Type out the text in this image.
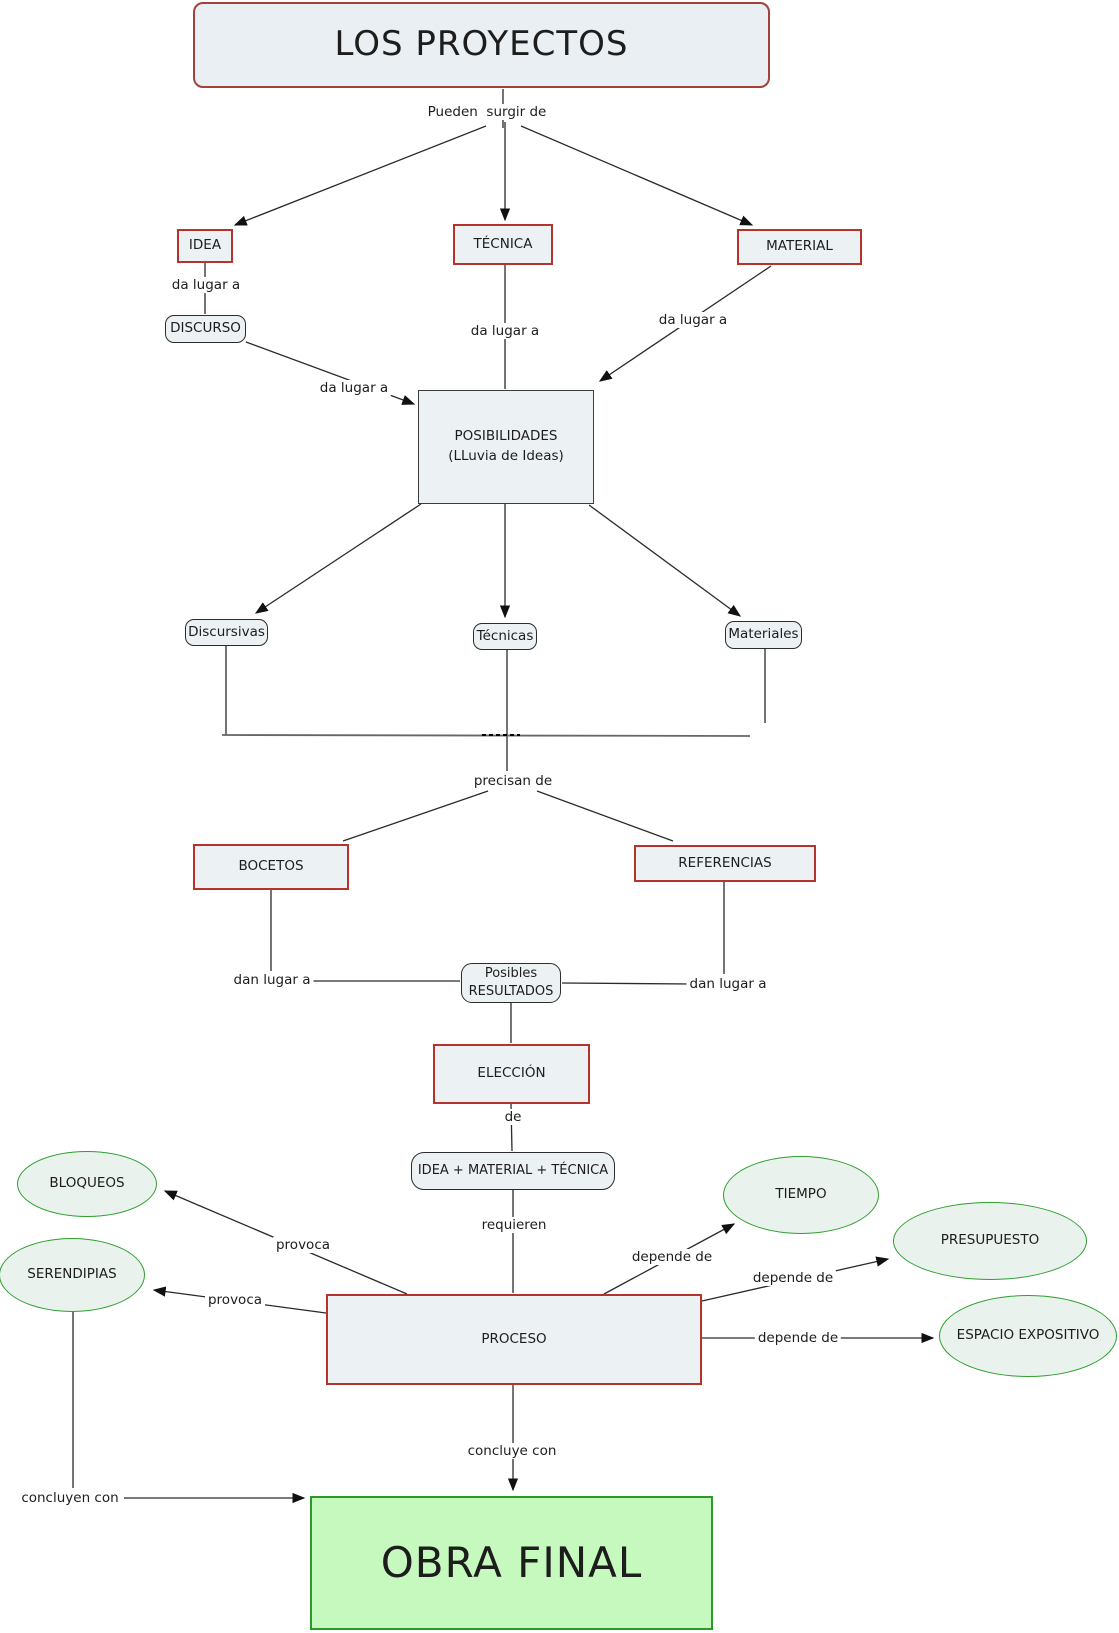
LOS PROYECTOS
IDEA	TÉCNICA	MATERIAL
DISCURSO
POSIBILIDADES
(LLuvia de Ideas)
Discursivas	Técnicas	Materiales
BOCETOS	REFERENCIAS
Posibles
RESULTADOS
ELECCIÓN
IDEA + MATERIAL + TÉCNICA
PROCESO
BLOQUEOS
SERENDIPIAS
TIEMPO
PRESUPUESTO
ESPACIO EXPOSITIVO
OBRA FINAL
Pueden  surgir de
da lugar a
da lugar a
da lugar a
da lugar a
precisan de
dan lugar a	dan lugar a
de
requieren
provoca
provoca
depende de
depende de
depende de
concluye con
concluyen con
